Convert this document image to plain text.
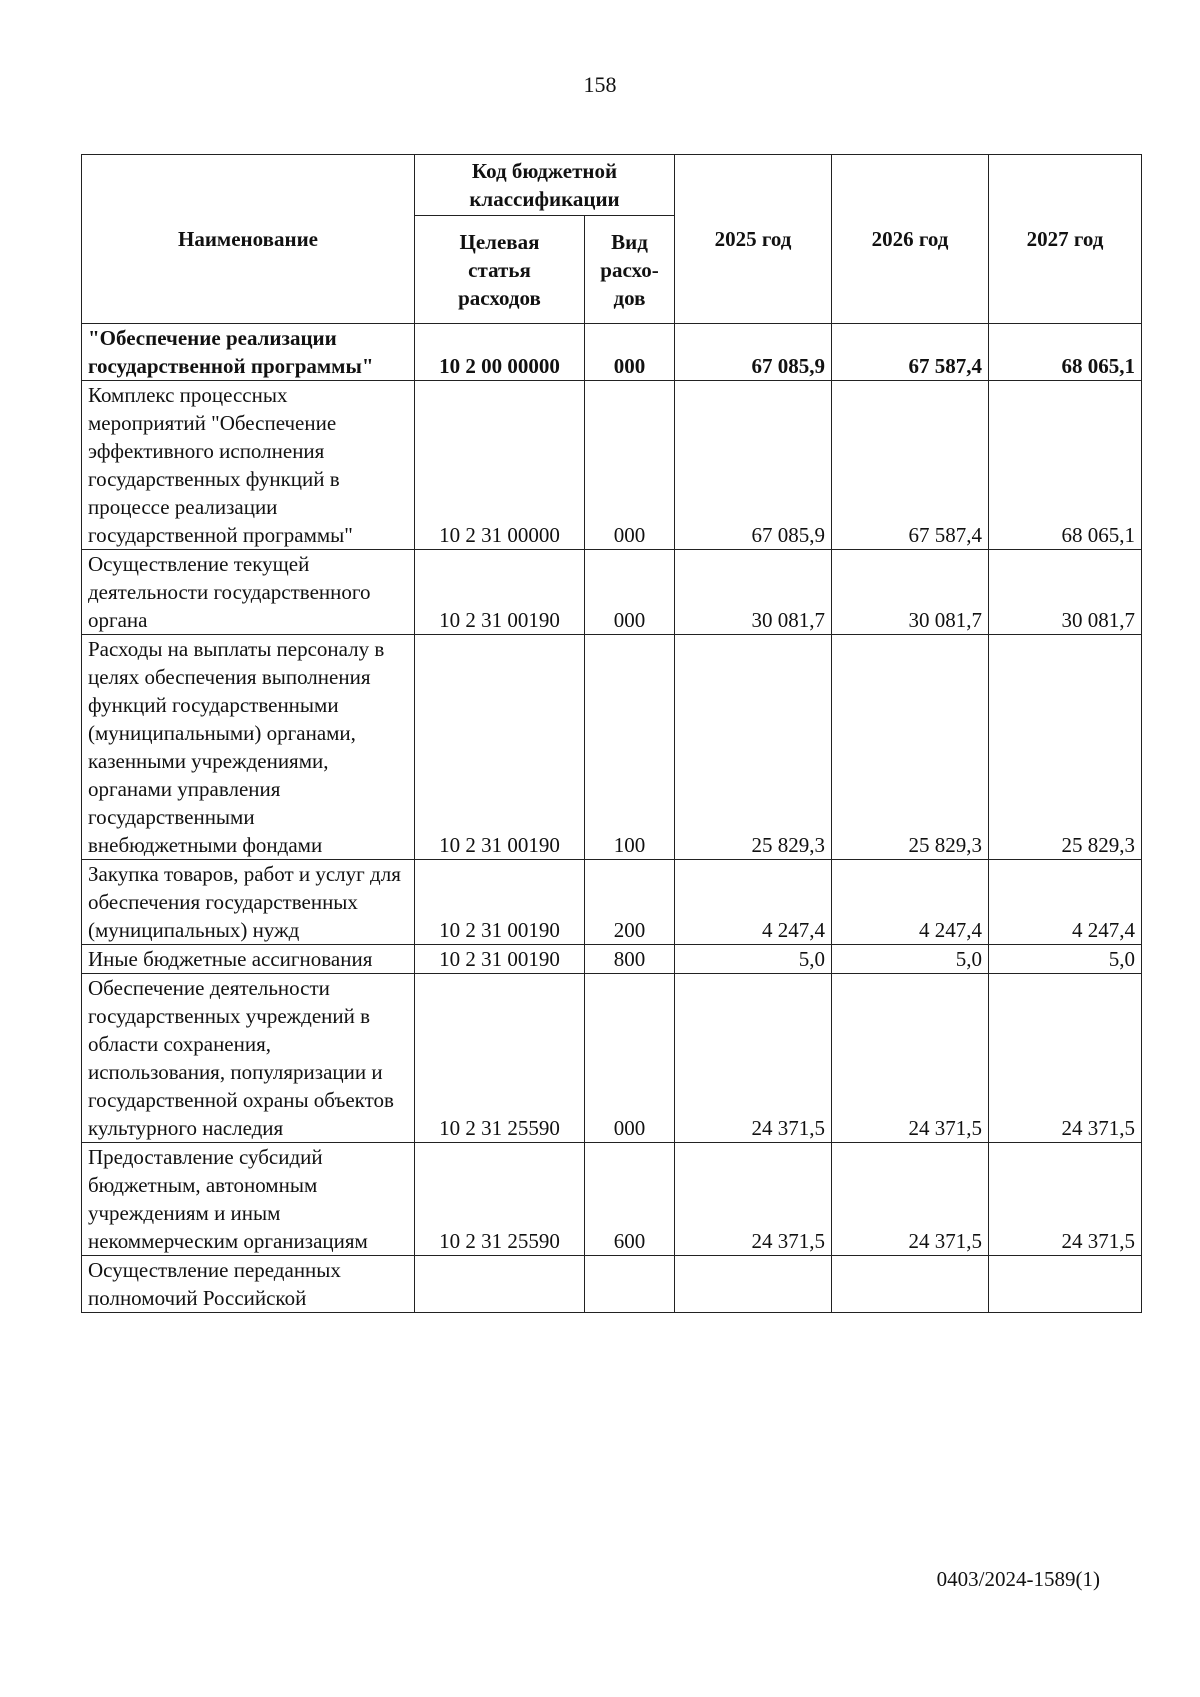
158
Наименование	Код бюджетной классификации		2025 год	2026 год	2027 год
	Целевая статья расходов	Вид расхо-дов			
"Обеспечение реализации государственной программы"	10 2 00 00000	000	67 085,9	67 587,4	68 065,1
Комплекс процессных мероприятий "Обеспечение эффективного исполнения государственных функций в процессе реализации государственной программы"	10 2 31 00000	000	67 085,9	67 587,4	68 065,1
Осуществление текущей деятельности государственного органа	10 2 31 00190	000	30 081,7	30 081,7	30 081,7
Расходы на выплаты персоналу в целях обеспечения выполнения функций государственными (муниципальными) органами, казенными учреждениями, органами управления государственными внебюджетными фондами	10 2 31 00190	100	25 829,3	25 829,3	25 829,3
Закупка товаров, работ и услуг для обеспечения государственных (муниципальных) нужд	10 2 31 00190	200	4 247,4	4 247,4	4 247,4
Иные бюджетные ассигнования	10 2 31 00190	800	5,0	5,0	5,0
Обеспечение деятельности государственных учреждений в области сохранения, использования, популяризации и государственной охраны объектов культурного наследия	10 2 31 25590	000	24 371,5	24 371,5	24 371,5
Предоставление субсидий бюджетным, автономным учреждениям и иным некоммерческим организациям	10 2 31 25590	600	24 371,5	24 371,5	24 371,5
Осуществление переданных полномочий Российской					
0403/2024-1589(1)
